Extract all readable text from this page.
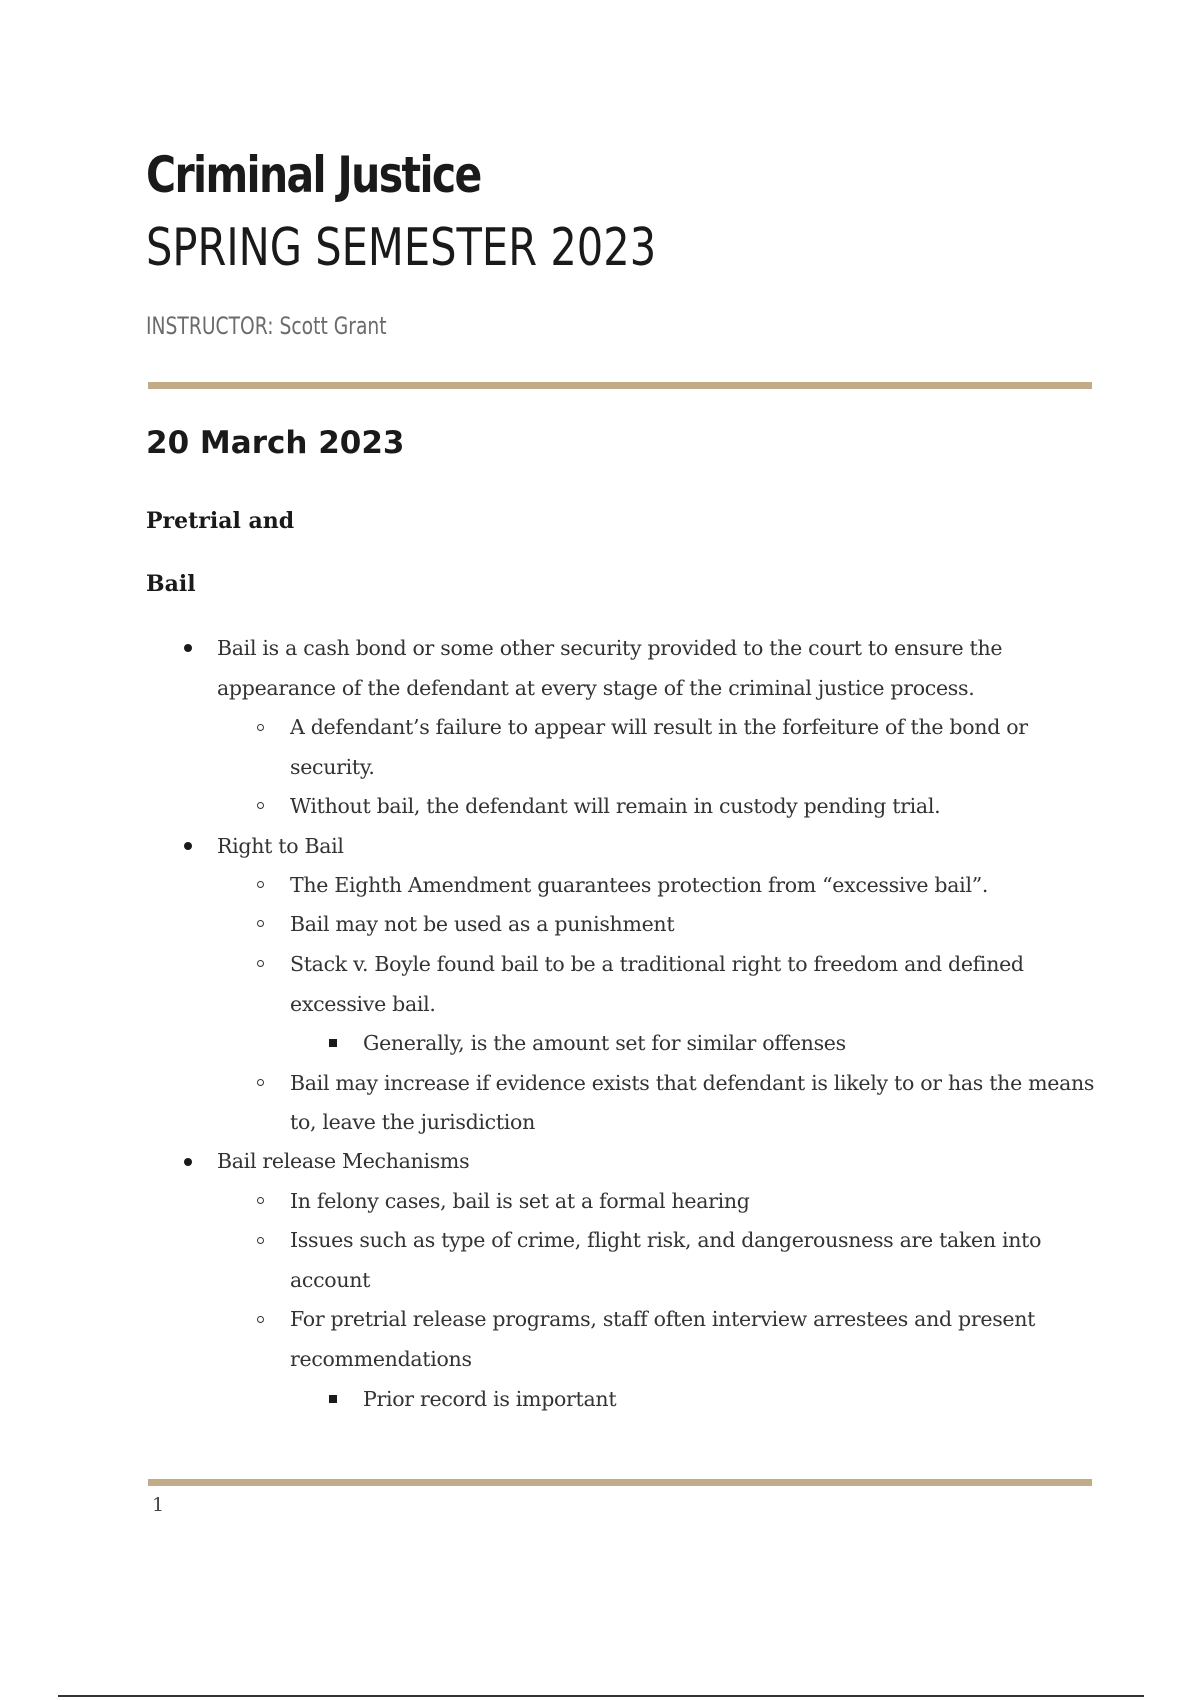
Criminal Justice
SPRING SEMESTER 2023
INSTRUCTOR: Scott Grant
20 March 2023
Pretrial and
Bail
Bail is a cash bond or some other security provided to the court to ensure the
appearance of the defendant at every stage of the criminal justice process.
A defendant’s failure to appear will result in the forfeiture of the bond or
security.
Without bail, the defendant will remain in custody pending trial.
Right to Bail
The Eighth Amendment guarantees protection from “excessive bail”.
Bail may not be used as a punishment
Stack v. Boyle found bail to be a traditional right to freedom and defined
excessive bail.
Generally, is the amount set for similar offenses
Bail may increase if evidence exists that defendant is likely to or has the means
to, leave the jurisdiction
Bail release Mechanisms
In felony cases, bail is set at a formal hearing
Issues such as type of crime, flight risk, and dangerousness are taken into
account
For pretrial release programs, staff often interview arrestees and present
recommendations
Prior record is important
1
